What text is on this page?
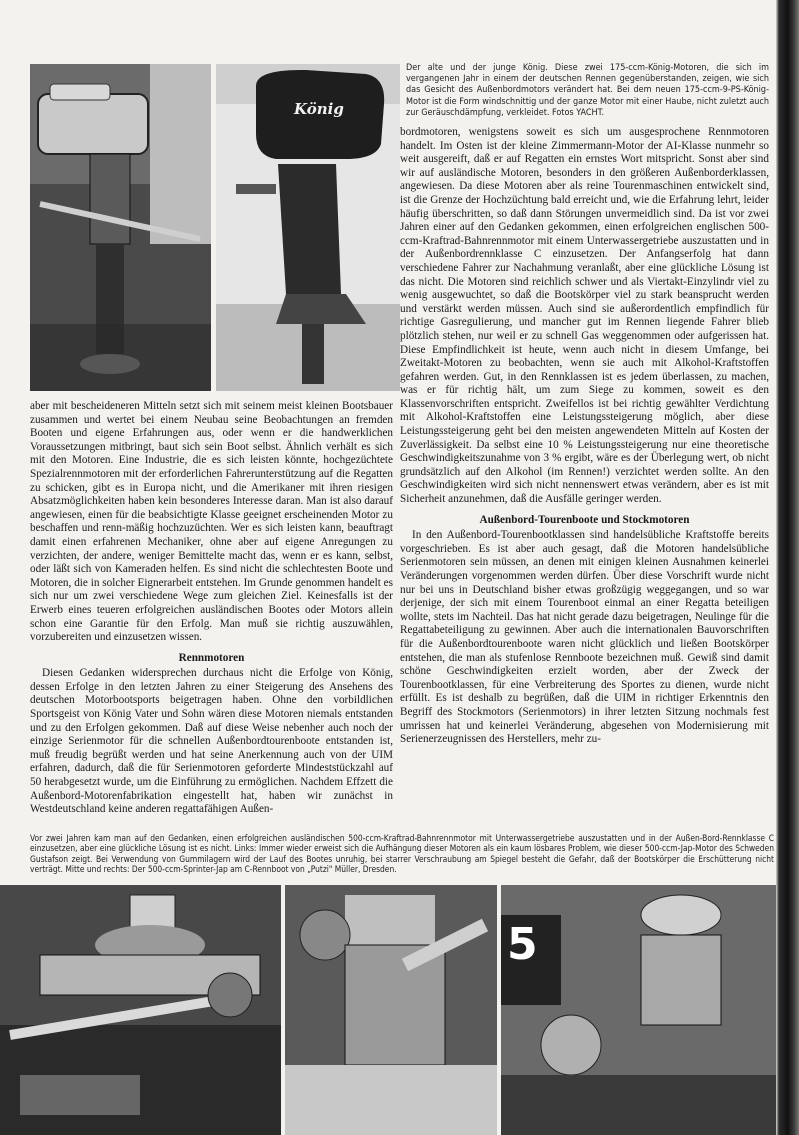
König
Der alte und der junge König. Diese zwei 175-ccm-König-Motoren, die sich im vergangenen Jahr in einem der deutschen Rennen gegenüberstanden, zeigen, wie sich das Gesicht des Außenbordmotors verändert hat. Bei dem neuen 175-ccm-9-PS-König-Motor ist die Form windschnittig und der ganze Motor mit einer Haube, nicht zuletzt auch zur Geräuschdämpfung, verkleidet. Fotos YACHT.

aber mit bescheideneren Mitteln setzt sich mit seinem meist kleinen Bootsbauer zusammen und wertet bei einem Neubau seine Beobachtungen an fremden Booten und eigene Erfahrungen aus, oder wenn er die handwerklichen Voraussetzungen mitbringt, baut sich sein Boot selbst. Ähnlich verhält es sich mit den Motoren. Eine Industrie, die es sich leisten könnte, hochgezüchtete Spezialrennmotoren mit der erforderlichen Fahrerunterstützung auf die Regatten zu schicken, gibt es in Europa nicht, und die Amerikaner mit ihren riesigen Absatzmöglichkeiten haben kein besonderes Interesse daran. Man ist also darauf angewiesen, einen für die beabsichtigte Klasse geeignet erscheinenden Motor zu beschaffen und renn-mäßig hochzuzüchten. Wer es sich leisten kann, beauftragt damit einen erfahrenen Mechaniker, ohne aber auf eigene Anregungen zu verzichten, der andere, weniger Bemittelte macht das, wenn er es kann, selbst, oder läßt sich von Kameraden helfen. Es sind nicht die schlechtesten Boote und Motoren, die in solcher Eignerarbeit entstehen. Im Grunde genommen handelt es sich nur um zwei verschiedene Wege zum gleichen Ziel. Keinesfalls ist der Erwerb eines teueren erfolgreichen ausländischen Bootes oder Motors allein schon eine Garantie für den Erfolg. Man muß sie richtig auszuwählen, vorzubereiten und einzusetzen wissen.

Rennmotoren

Diesen Gedanken widersprechen durchaus nicht die Erfolge von König, dessen Erfolge in den letzten Jahren zu einer Steigerung des Ansehens des deutschen Motorbootsports beigetragen haben. Ohne den vorbildlichen Sportsgeist von König Vater und Sohn wären diese Motoren niemals entstanden und zu den Erfolgen gekommen. Daß auf diese Weise nebenher auch noch der einzige Serienmotor für die schnellen Außenbordtourenboote entstanden ist, muß freudig begrüßt werden und hat seine Anerkennung auch von der UIM erfahren, dadurch, daß die für Serienmotoren geforderte Mindeststückzahl auf 50 herabgesetzt wurde, um die Einführung zu ermöglichen. Nachdem Effzett die Außenbord-Motorenfabrikation eingestellt hat, haben wir zunächst in Westdeutschland keine anderen regattafähigen Außen-

bordmotoren, wenigstens soweit es sich um ausgesprochene Rennmotoren handelt. Im Osten ist der kleine Zimmermann-Motor der AI-Klasse nunmehr so weit ausgereift, daß er auf Regatten ein ernstes Wort mitspricht. Sonst aber sind wir auf ausländische Motoren, besonders in den größeren Außenborderklassen, angewiesen. Da diese Motoren aber als reine Tourenmaschinen entwickelt sind, ist die Grenze der Hochzüchtung bald erreicht und, wie die Erfahrung lehrt, leider häufig überschritten, so daß dann Störungen unvermeidlich sind. Da ist vor zwei Jahren einer auf den Gedanken gekommen, einen erfolgreichen englischen 500-ccm-Kraftrad-Bahnrennmotor mit einem Unterwassergetriebe auszustatten und in der Außenbordrennklasse C einzusetzen. Der Anfangserfolg hat dann verschiedene Fahrer zur Nachahmung veranlaßt, aber eine glückliche Lösung ist das nicht. Die Motoren sind reichlich schwer und als Viertakt-Einzylindr viel zu wenig ausgewuchtet, so daß die Bootskörper viel zu stark beansprucht werden und verstärkt werden müssen. Auch sind sie außerordentlich empfindlich für richtige Gasregulierung, und mancher gut im Rennen liegende Fahrer blieb plötzlich stehen, nur weil er zu schnell Gas weggenommen oder aufgerissen hat. Diese Empfindlichkeit ist heute, wenn auch nicht in diesem Umfange, bei Zweitakt-Motoren zu beobachten, wenn sie auch mit Alkohol-Kraftstoffen gefahren werden. Gut, in den Rennklassen ist es jedem überlassen, zu machen, was er für richtig hält, um zum Siege zu kommen, soweit es den Klassenvorschriften entspricht. Zweifellos ist bei richtig gewählter Verdichtung mit Alkohol-Kraftstoffen eine Leistungssteigerung möglich, aber diese Leistungssteigerung geht bei den meisten angewendeten Mitteln auf Kosten der Zuverlässigkeit. Da selbst eine 10 % Leistungssteigerung nur eine theoretische Geschwindigkeitszunahme von 3 % ergibt, wäre es der Überlegung wert, ob nicht grundsätzlich auf den Alkohol (im Rennen!) verzichtet werden sollte. An den Geschwindigkeiten wird sich nicht nennenswert etwas verändern, aber es ist mit Sicherheit anzunehmen, daß die Ausfälle geringer werden.

Außenbord-Tourenboote und Stockmotoren

In den Außenbord-Tourenbootklassen sind handelsübliche Kraftstoffe bereits vorgeschrieben. Es ist aber auch gesagt, daß die Motoren handelsübliche Serienmotoren sein müssen, an denen mit einigen kleinen Ausnahmen keinerlei Veränderungen vorgenommen werden dürfen. Über diese Vorschrift wurde nicht nur bei uns in Deutschland bisher etwas großzügig weggegangen, und so war derjenige, der sich mit einem Tourenboot einmal an einer Regatta beteiligen wollte, stets im Nachteil. Das hat nicht gerade dazu beigetragen, Neulinge für die Regattabeteiligung zu gewinnen. Aber auch die internationalen Bauvorschriften für die Außenbordtourenboote waren nicht glücklich und ließen Bootskörper entstehen, die man als stufenlose Rennboote bezeichnen muß. Gewiß sind damit schöne Geschwindigkeiten erzielt worden, aber der Zweck der Tourenbootklassen, für eine Verbreiterung des Sportes zu dienen, wurde nicht erfüllt. Es ist deshalb zu begrüßen, daß die UIM in richtiger Erkenntnis den Begriff des Stockmotors (Serienmotors) in ihrer letzten Sitzung nochmals fest umrissen hat und keinerlei Veränderung, abgesehen von Modernisierung mit Serienerzeugnissen des Herstellers, mehr zu-

Vor zwei Jahren kam man auf den Gedanken, einen erfolgreichen ausländischen 500-ccm-Kraftrad-Bahnrennmotor mit Unterwassergetriebe auszustatten und in der Außen-Bord-Rennklasse C einzusetzen, aber eine glückliche Lösung ist es nicht. Links: Immer wieder erweist sich die Aufhängung dieser Motoren als ein kaum lösbares Problem, wie dieser 500-ccm-Jap-Motor des Schweden Gustafson zeigt. Bei Verwendung von Gummilagern wird der Lauf des Bootes unruhig, bei starrer Verschraubung am Spiegel besteht die Gefahr, daß der Bootskörper die Erschütterung nicht verträgt. Mitte und rechts: Der 500-ccm-Sprinter-Jap am C-Rennboot von „Putzi" Müller, Dresden.
5
